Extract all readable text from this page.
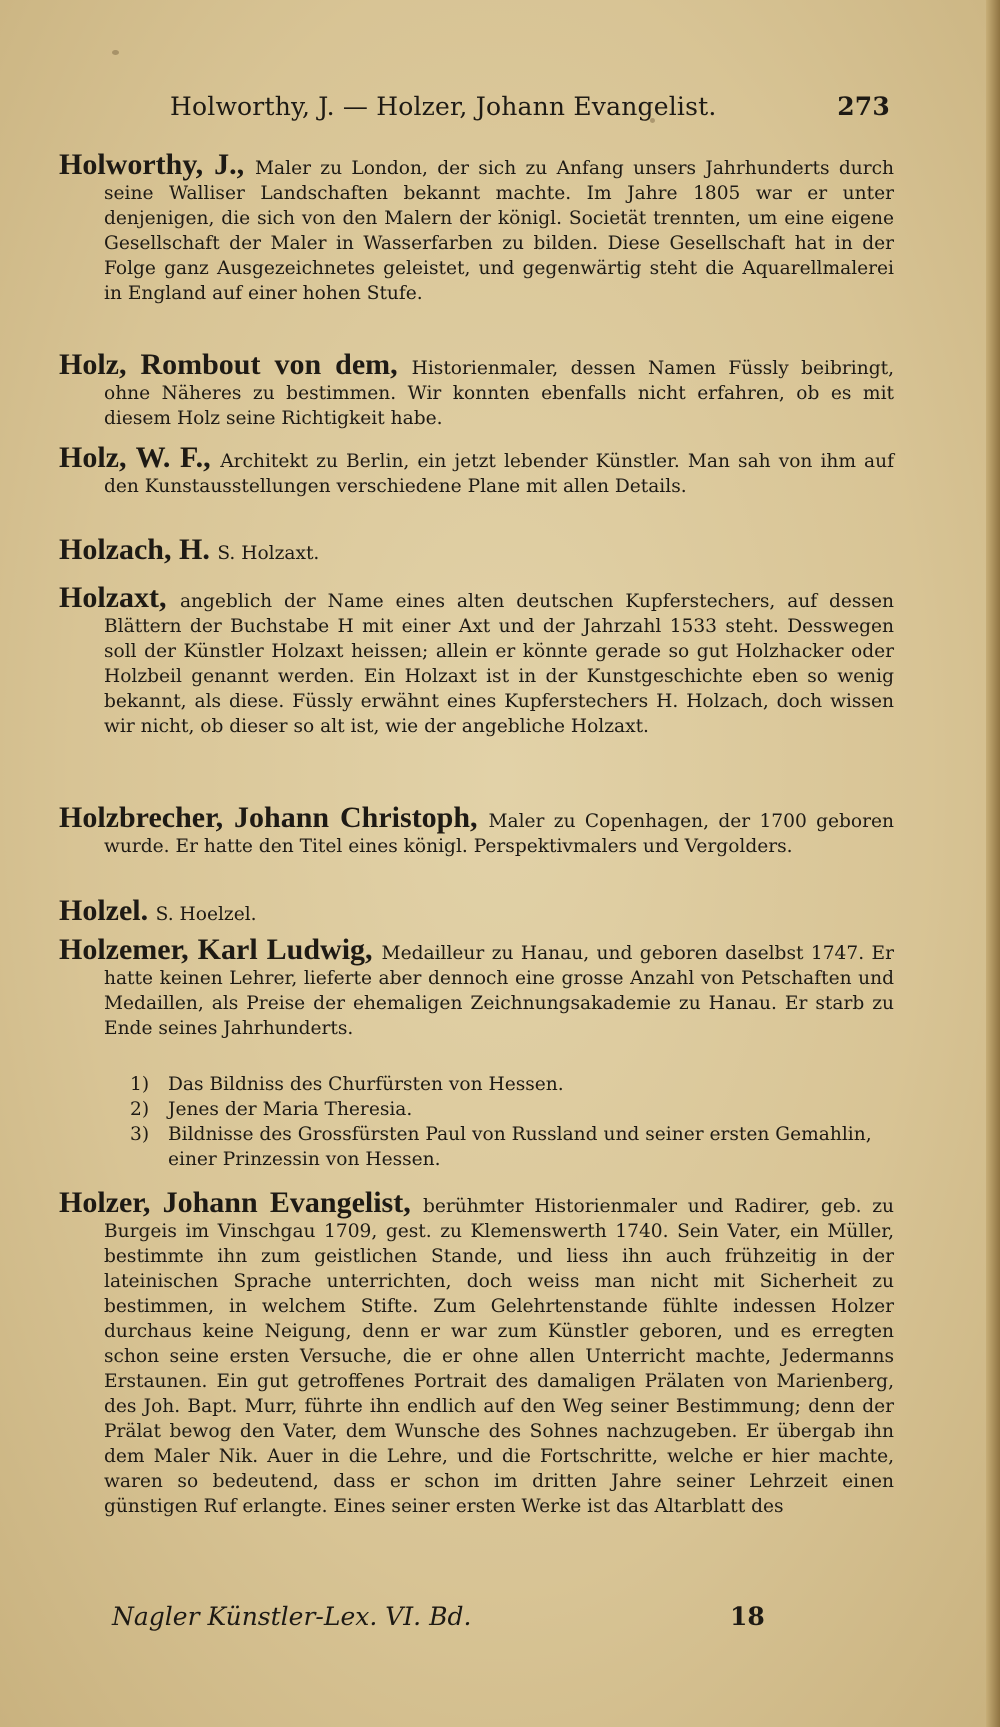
Holworthy, J. — Holzer, Johann Evangelist.	273
Holworthy, J., Maler zu London, der sich zu Anfang unsers Jahrhunderts durch seine Walliser Landschaften bekannt machte. Im Jahre 1805 war er unter denjenigen, die sich von den Malern der königl. Societät trennten, um eine eigene Gesellschaft der Maler in Wasserfarben zu bilden. Diese Gesellschaft hat in der Folge ganz Ausgezeichnetes geleistet, und gegenwärtig steht die Aquarellmalerei in England auf einer hohen Stufe.
Holz, Rombout von dem, Historienmaler, dessen Namen Füssly beibringt, ohne Näheres zu bestimmen. Wir konnten ebenfalls nicht erfahren, ob es mit diesem Holz seine Richtigkeit habe.
Holz, W. F., Architekt zu Berlin, ein jetzt lebender Künstler. Man sah von ihm auf den Kunstausstellungen verschiedene Plane mit allen Details.
Holzach, H. S. Holzaxt.
Holzaxt, angeblich der Name eines alten deutschen Kupferstechers, auf dessen Blättern der Buchstabe H mit einer Axt und der Jahrzahl 1533 steht. Desswegen soll der Künstler Holzaxt heissen; allein er könnte gerade so gut Holzhacker oder Holzbeil genannt werden. Ein Holzaxt ist in der Kunstgeschichte eben so wenig bekannt, als diese. Füssly erwähnt eines Kupferstechers H. Holzach, doch wissen wir nicht, ob dieser so alt ist, wie der angebliche Holzaxt.
Holzbrecher, Johann Christoph, Maler zu Copenhagen, der 1700 geboren wurde. Er hatte den Titel eines königl. Perspektivmalers und Vergolders.
Holzel. S. Hoelzel.
Holzemer, Karl Ludwig, Medailleur zu Hanau, und geboren daselbst 1747. Er hatte keinen Lehrer, lieferte aber dennoch eine grosse Anzahl von Petschaften und Medaillen, als Preise der ehemaligen Zeichnungsakademie zu Hanau. Er starb zu Ende seines Jahrhunderts.
1)	Das Bildniss des Churfürsten von Hessen.
2)	Jenes der Maria Theresia.
3)	Bildnisse des Grossfürsten Paul von Russland und seiner ersten Gemahlin, einer Prinzessin von Hessen.
Holzer, Johann Evangelist, berühmter Historienmaler und Radirer, geb. zu Burgeis im Vinschgau 1709, gest. zu Klemenswerth 1740. Sein Vater, ein Müller, bestimmte ihn zum geistlichen Stande, und liess ihn auch frühzeitig in der lateinischen Sprache unterrichten, doch weiss man nicht mit Sicherheit zu bestimmen, in welchem Stifte. Zum Gelehrtenstande fühlte indessen Holzer durchaus keine Neigung, denn er war zum Künstler geboren, und es erregten schon seine ersten Versuche, die er ohne allen Unterricht machte, Jedermanns Erstaunen. Ein gut getroffenes Portrait des damaligen Prälaten von Marienberg, des Joh. Bapt. Murr, führte ihn endlich auf den Weg seiner Bestimmung; denn der Prälat bewog den Vater, dem Wunsche des Sohnes nachzugeben. Er übergab ihn dem Maler Nik. Auer in die Lehre, und die Fortschritte, welche er hier machte, waren so bedeutend, dass er schon im dritten Jahre seiner Lehrzeit einen günstigen Ruf erlangte. Eines seiner ersten Werke ist das Altarblatt des
Nagler Künstler-Lex. VI. Bd.	18
